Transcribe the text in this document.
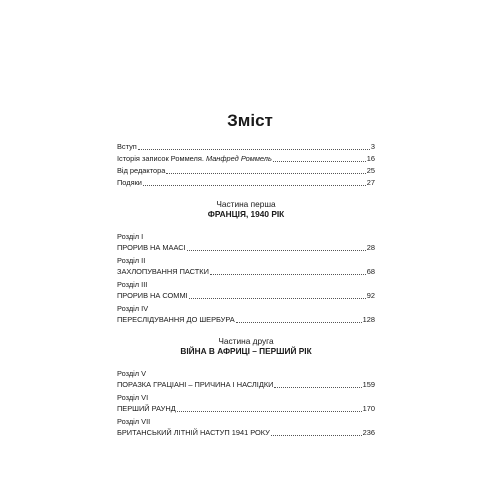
Зміст
Вступ	3
Історія записок Роммеля. Манфред Роммель	16
Від редактора	25
Подяки	27
Частина перша
ФРАНЦІЯ, 1940 РІК
Розділ I
ПРОРИВ НА МААСІ	28
Розділ II
ЗАХЛОПУВАННЯ ПАСТКИ	68
Розділ III
ПРОРИВ НА СОММІ	92
Розділ IV
ПЕРЕСЛІДУВАННЯ ДО ШЕРБУРА	128
Частина друга
ВІЙНА В АФРИЦІ – ПЕРШИЙ РІК
Розділ V
ПОРАЗКА ГРАЦІАНІ – ПРИЧИНА І НАСЛІДКИ	159
Розділ VI
ПЕРШИЙ РАУНД	170
Розділ VII
БРИТАНСЬКИЙ ЛІТНІЙ НАСТУП 1941 РОКУ	236
